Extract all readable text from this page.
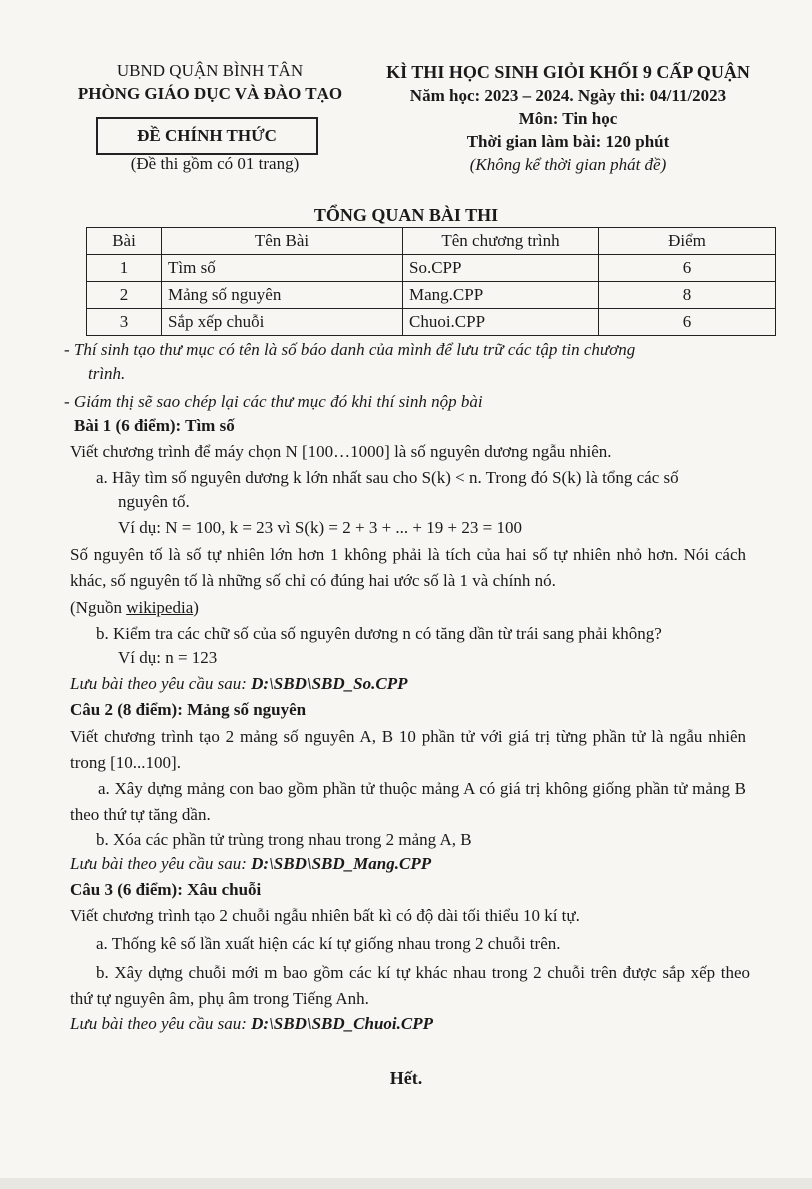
UBND QUẬN BÌNH TÂN
PHÒNG GIÁO DỤC VÀ ĐÀO TẠO
ĐỀ CHÍNH THỨC
(Đề thi gồm có 01 trang)
KÌ THI HỌC SINH GIỎI KHỐI 9 CẤP QUẬN
Năm học: 2023 – 2024. Ngày thi: 04/11/2023
Môn: Tin học
Thời gian làm bài: 120 phút
(Không kể thời gian phát đề)
TỔNG QUAN BÀI THI
Bài	Tên Bài	Tên chương trình	Điểm
1	Tìm số	So.CPP	6
2	Mảng số nguyên	Mang.CPP	8
3	Sắp xếp chuỗi	Chuoi.CPP	6
- Thí sinh tạo thư mục có tên là số báo danh của mình để lưu trữ các tập tin chương
trình.
- Giám thị sẽ sao chép lại các thư mục đó khi thí sinh nộp bài
Bài 1 (6 điểm): Tìm số
Viết chương trình để máy chọn N [100…1000] là số nguyên dương ngẫu nhiên.
a. Hãy tìm số nguyên dương k lớn nhất sau cho S(k) < n. Trong đó S(k) là tổng các số
nguyên tố.
Ví dụ: N = 100, k = 23 vì S(k) = 2 + 3 + ... + 19 + 23 = 100
Số nguyên tố là số tự nhiên lớn hơn 1 không phải là tích của hai số tự nhiên nhỏ hơn. Nói cách khác, số nguyên tố là những số chỉ có đúng hai ước số là 1 và chính nó.
(Nguồn wikipedia)
b. Kiểm tra các chữ số của số nguyên dương n có tăng dần từ trái sang phải không?
Ví dụ: n = 123
Lưu bài theo yêu cầu sau: D:\SBD\SBD_So.CPP
Câu 2 (8 điểm): Mảng số nguyên
Viết chương trình tạo 2 mảng số nguyên A, B 10 phần tử với giá trị từng phần tử là ngẫu nhiên trong [10...100].
a. Xây dựng mảng con bao gồm phần tử thuộc mảng A có giá trị không giống phần tử mảng B theo thứ tự tăng dần.
b. Xóa các phần tử trùng trong nhau trong 2 mảng A, B
Lưu bài theo yêu cầu sau: D:\SBD\SBD_Mang.CPP
Câu 3 (6 điểm): Xâu chuỗi
Viết chương trình tạo 2 chuỗi ngẫu nhiên bất kì có độ dài tối thiểu 10 kí tự.
a. Thống kê số lần xuất hiện các kí tự giống nhau trong 2 chuỗi trên.
b. Xây dựng chuỗi mới m bao gồm các kí tự khác nhau trong 2 chuỗi trên được sắp xếp theo thứ tự nguyên âm, phụ âm trong Tiếng Anh.
Lưu bài theo yêu cầu sau: D:\SBD\SBD_Chuoi.CPP
Hết.
